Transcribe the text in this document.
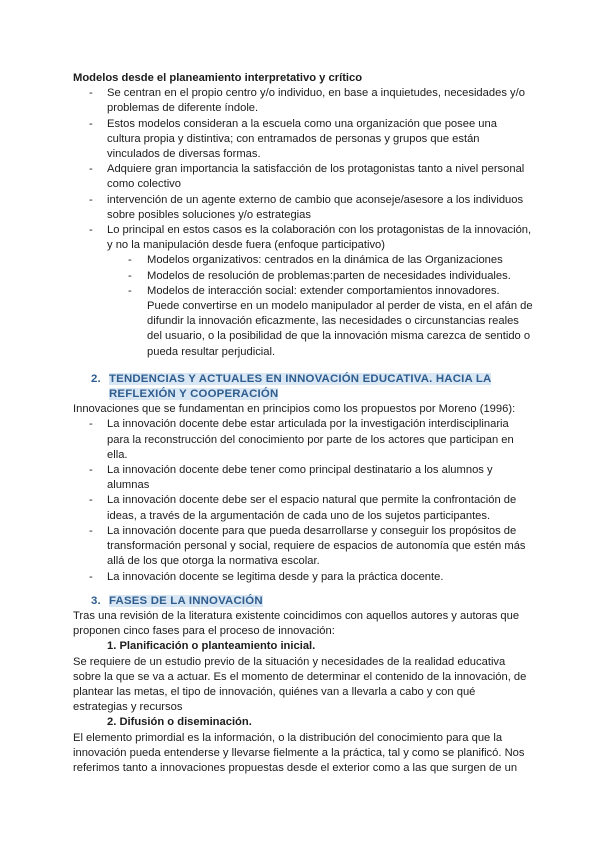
Modelos desde el planeamiento interpretativo y crítico

- Se centran en el propio centro y/o individuo, en base a inquietudes, necesidades y/o problemas de diferente índole.
- Estos modelos consideran a la escuela como una organización que posee una cultura propia y distintiva; con entramados de personas y grupos que están vinculados de diversas formas.
- Adquiere gran importancia la satisfacción de los protagonistas tanto a nivel personal como colectivo
- intervención de un agente externo de cambio que aconseje/asesore a los individuos sobre posibles soluciones y/o estrategias
- Lo principal en estos casos es la colaboración con los protagonistas de la innovación, y no la manipulación desde fuera (enfoque participativo)
- Modelos organizativos: centrados en la dinámica de las Organizaciones
- Modelos de resolución de problemas:parten de necesidades individuales.
- Modelos de interacción social: extender comportamientos innovadores. Puede convertirse en un modelo manipulador al perder de vista, en el afán de difundir la innovación eficazmente, las necesidades o circunstancias reales del usuario, o la posibilidad de que la innovación misma carezca de sentido o pueda resultar perjudicial.
2. TENDENCIAS Y ACTUALES EN INNOVACIÓN EDUCATIVA. HACIA LA REFLEXIÓN Y COOPERACIÓN

Innovaciones que se fundamentan en principios como los propuestos por Moreno (1996):

- La innovación docente debe estar articulada por la investigación interdisciplinaria para la reconstrucción del conocimiento por parte de los actores que participan en ella.
- La innovación docente debe tener como principal destinatario a los alumnos y alumnas
- La innovación docente debe ser el espacio natural que permite la confrontación de ideas, a través de la argumentación de cada uno de los sujetos participantes.
- La innovación docente para que pueda desarrollarse y conseguir los propósitos de transformación personal y social, requiere de espacios de autonomía que estén más allá de los que otorga la normativa escolar.
- La innovación docente se legitima desde y para la práctica docente.
3. FASES DE LA INNOVACIÓN

Tras una revisión de la literatura existente coincidimos con aquellos autores y autoras que proponen cinco fases para el proceso de innovación:

1. Planificación o planteamiento inicial.

Se requiere de un estudio previo de la situación y necesidades de la realidad educativa sobre la que se va a actuar. Es el momento de determinar el contenido de la innovación, de plantear las metas, el tipo de innovación, quiénes van a llevarla a cabo y con qué estrategias y recursos

2. Difusión o diseminación.

El elemento primordial es la información, o la distribución del conocimiento para que la innovación pueda entenderse y llevarse fielmente a la práctica, tal y como se planificó. Nos referimos tanto a innovaciones propuestas desde el exterior como a las que surgen de un
